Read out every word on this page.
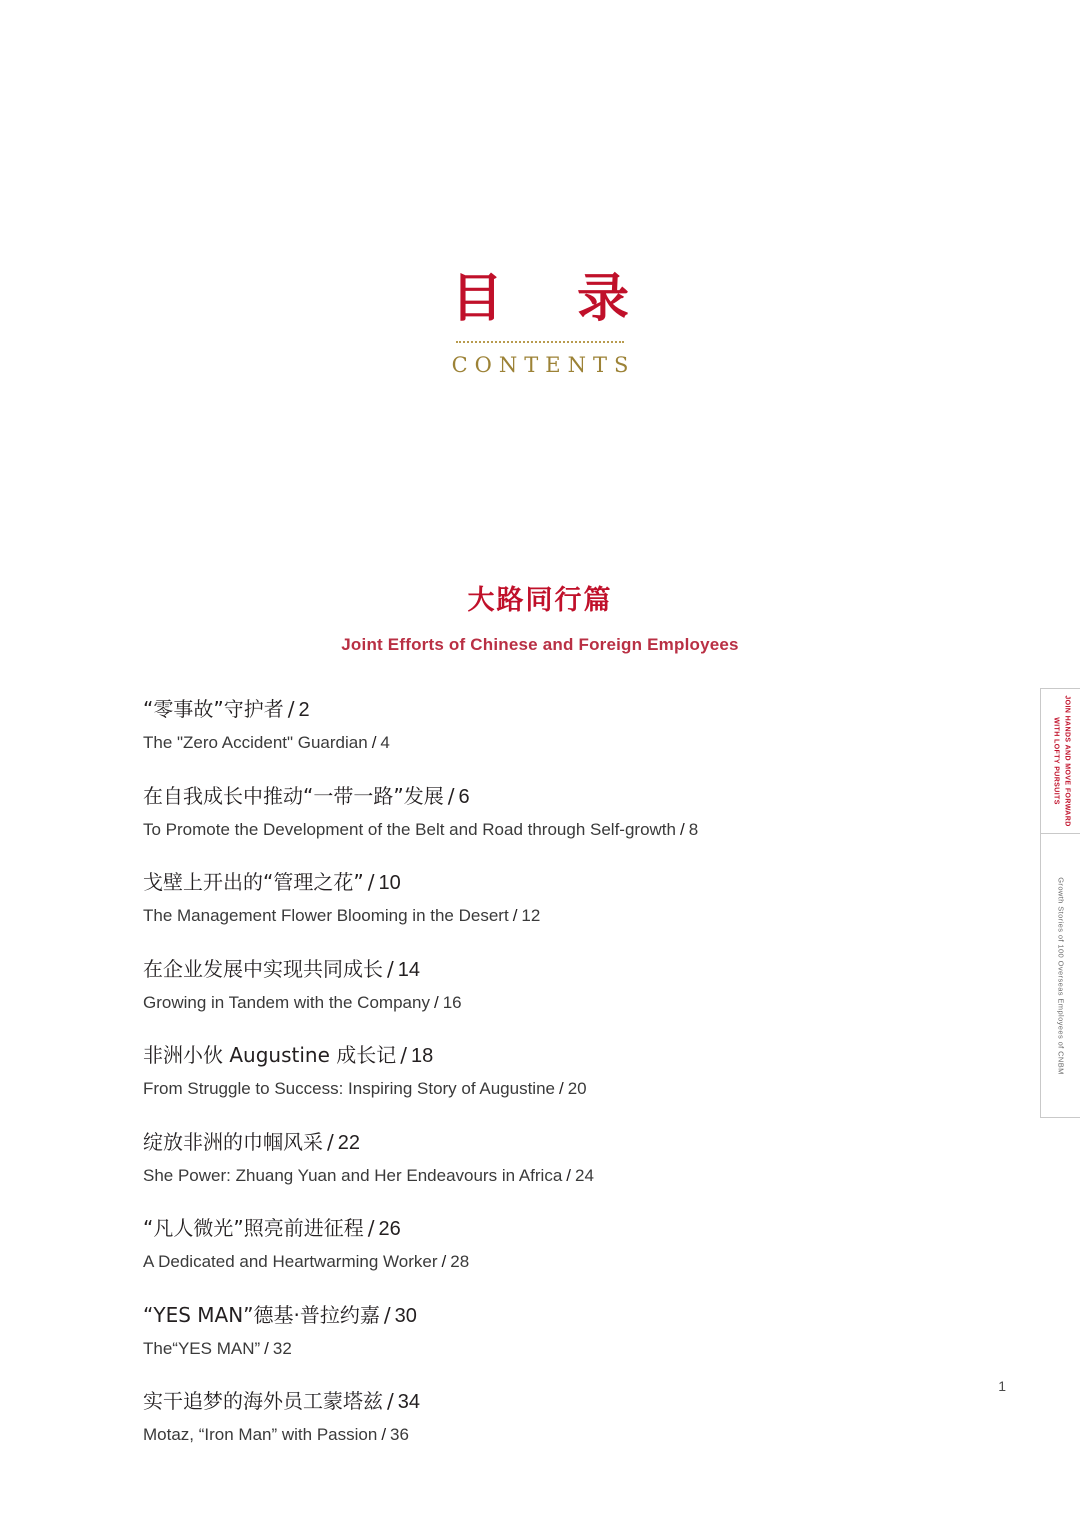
目 录
CONTENTS
大路同行篇
Joint Efforts of Chinese and Foreign Employees
“零事故”守护者 / 2
The "Zero Accident" Guardian / 4
在自我成长中推动“一带一路”发展 / 6
To Promote the Development of the Belt and Road through Self-growth / 8
戈壁上开出的“管理之花” / 10
The Management Flower Blooming in the Desert / 12
在企业发展中实现共同成长 / 14
Growing in Tandem with the Company / 16
非洲小伙 Augustine 成长记 / 18
From Struggle to Success: Inspiring Story of Augustine / 20
绽放非洲的巾帼风采 / 22
She Power: Zhuang Yuan and Her Endeavours in Africa / 24
“凡人微光”照亮前进征程 / 26
A Dedicated and Heartwarming Worker / 28
“YES MAN”德基·普拉约嘉 / 30
The“YES MAN” / 32
实干追梦的海外员工蒙塔兹 / 34
Motaz, “Iron Man” with Passion / 36
JOIN HANDS AND MOVE FORWARD
WITH LOFTY PURSUITS
Growth Stories of 100 Overseas Employees of CNBM
1
